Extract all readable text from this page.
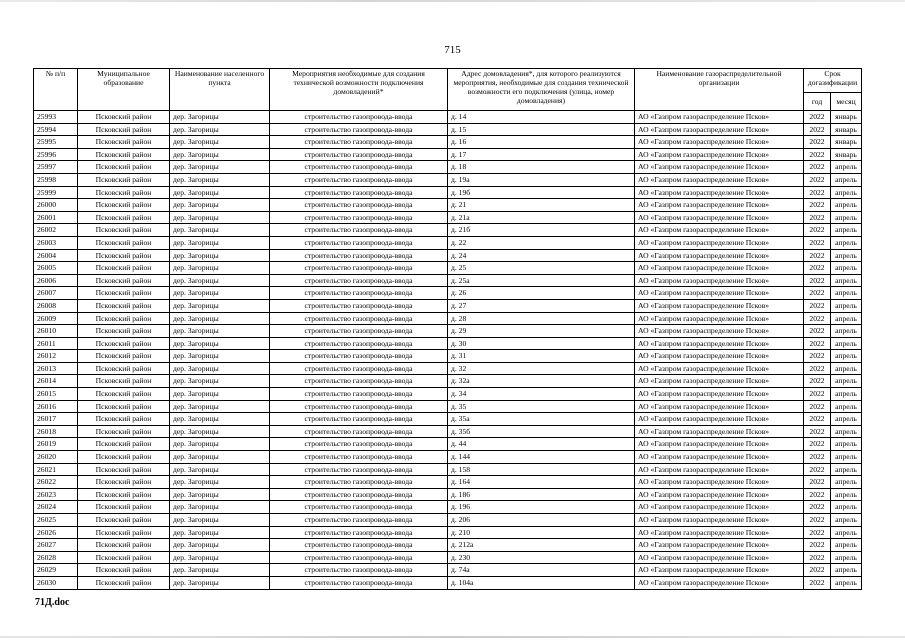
715
№ п/п	Муниципальное образование	Наименование населенного пункта	Мероприятия необходимые для создания технической возможности подключения домовладений*	Адрес домовладения*, для которого реализуются мероприятия, необходимые для создания технической возможности его подключения (улица, номер домовладения)	Наименование газораспределительной организации	Срок догазификации	
						год	месяц
25993	Псковский район	дер. Загорицы	строительство газопровода-ввода	д. 14	АО «Газпром газораспределение Псков»	2022	январь
25994	Псковский район	дер. Загорицы	строительство газопровода-ввода	д. 15	АО «Газпром газораспределение Псков»	2022	январь
25995	Псковский район	дер. Загорицы	строительство газопровода-ввода	д. 16	АО «Газпром газораспределение Псков»	2022	январь
25996	Псковский район	дер. Загорицы	строительство газопровода-ввода	д. 17	АО «Газпром газораспределение Псков»	2022	январь
25997	Псковский район	дер. Загорицы	строительство газопровода-ввода	д. 18	АО «Газпром газораспределение Псков»	2022	апрель
25998	Псковский район	дер. Загорицы	строительство газопровода-ввода	д. 19а	АО «Газпром газораспределение Псков»	2022	апрель
25999	Псковский район	дер. Загорицы	строительство газопровода-ввода	д. 19б	АО «Газпром газораспределение Псков»	2022	апрель
26000	Псковский район	дер. Загорицы	строительство газопровода-ввода	д. 21	АО «Газпром газораспределение Псков»	2022	апрель
26001	Псковский район	дер. Загорицы	строительство газопровода-ввода	д. 21а	АО «Газпром газораспределение Псков»	2022	апрель
26002	Псковский район	дер. Загорицы	строительство газопровода-ввода	д. 21б	АО «Газпром газораспределение Псков»	2022	апрель
26003	Псковский район	дер. Загорицы	строительство газопровода-ввода	д. 22	АО «Газпром газораспределение Псков»	2022	апрель
26004	Псковский район	дер. Загорицы	строительство газопровода-ввода	д. 24	АО «Газпром газораспределение Псков»	2022	апрель
26005	Псковский район	дер. Загорицы	строительство газопровода-ввода	д. 25	АО «Газпром газораспределение Псков»	2022	апрель
26006	Псковский район	дер. Загорицы	строительство газопровода-ввода	д. 25а	АО «Газпром газораспределение Псков»	2022	апрель
26007	Псковский район	дер. Загорицы	строительство газопровода-ввода	д. 26	АО «Газпром газораспределение Псков»	2022	апрель
26008	Псковский район	дер. Загорицы	строительство газопровода-ввода	д. 27	АО «Газпром газораспределение Псков»	2022	апрель
26009	Псковский район	дер. Загорицы	строительство газопровода-ввода	д. 28	АО «Газпром газораспределение Псков»	2022	апрель
26010	Псковский район	дер. Загорицы	строительство газопровода-ввода	д. 29	АО «Газпром газораспределение Псков»	2022	апрель
26011	Псковский район	дер. Загорицы	строительство газопровода-ввода	д. 30	АО «Газпром газораспределение Псков»	2022	апрель
26012	Псковский район	дер. Загорицы	строительство газопровода-ввода	д. 31	АО «Газпром газораспределение Псков»	2022	апрель
26013	Псковский район	дер. Загорицы	строительство газопровода-ввода	д. 32	АО «Газпром газораспределение Псков»	2022	апрель
26014	Псковский район	дер. Загорицы	строительство газопровода-ввода	д. 32а	АО «Газпром газораспределение Псков»	2022	апрель
26015	Псковский район	дер. Загорицы	строительство газопровода-ввода	д. 34	АО «Газпром газораспределение Псков»	2022	апрель
26016	Псковский район	дер. Загорицы	строительство газопровода-ввода	д. 35	АО «Газпром газораспределение Псков»	2022	апрель
26017	Псковский район	дер. Загорицы	строительство газопровода-ввода	д. 35а	АО «Газпром газораспределение Псков»	2022	апрель
26018	Псковский район	дер. Загорицы	строительство газопровода-ввода	д. 35б	АО «Газпром газораспределение Псков»	2022	апрель
26019	Псковский район	дер. Загорицы	строительство газопровода-ввода	д. 44	АО «Газпром газораспределение Псков»	2022	апрель
26020	Псковский район	дер. Загорицы	строительство газопровода-ввода	д. 144	АО «Газпром газораспределение Псков»	2022	апрель
26021	Псковский район	дер. Загорицы	строительство газопровода-ввода	д. 158	АО «Газпром газораспределение Псков»	2022	апрель
26022	Псковский район	дер. Загорицы	строительство газопровода-ввода	д. 164	АО «Газпром газораспределение Псков»	2022	апрель
26023	Псковский район	дер. Загорицы	строительство газопровода-ввода	д. 186	АО «Газпром газораспределение Псков»	2022	апрель
26024	Псковский район	дер. Загорицы	строительство газопровода-ввода	д. 196	АО «Газпром газораспределение Псков»	2022	апрель
26025	Псковский район	дер. Загорицы	строительство газопровода-ввода	д. 206	АО «Газпром газораспределение Псков»	2022	апрель
26026	Псковский район	дер. Загорицы	строительство газопровода-ввода	д. 210	АО «Газпром газораспределение Псков»	2022	апрель
26027	Псковский район	дер. Загорицы	строительство газопровода-ввода	д. 212а	АО «Газпром газораспределение Псков»	2022	апрель
26028	Псковский район	дер. Загорицы	строительство газопровода-ввода	д. 230	АО «Газпром газораспределение Псков»	2022	апрель
26029	Псковский район	дер. Загорицы	строительство газопровода-ввода	д. 74а	АО «Газпром газораспределение Псков»	2022	апрель
26030	Псковский район	дер. Загорицы	строительство газопровода-ввода	д. 104а	АО «Газпром газораспределение Псков»	2022	апрель
71Д.doc
